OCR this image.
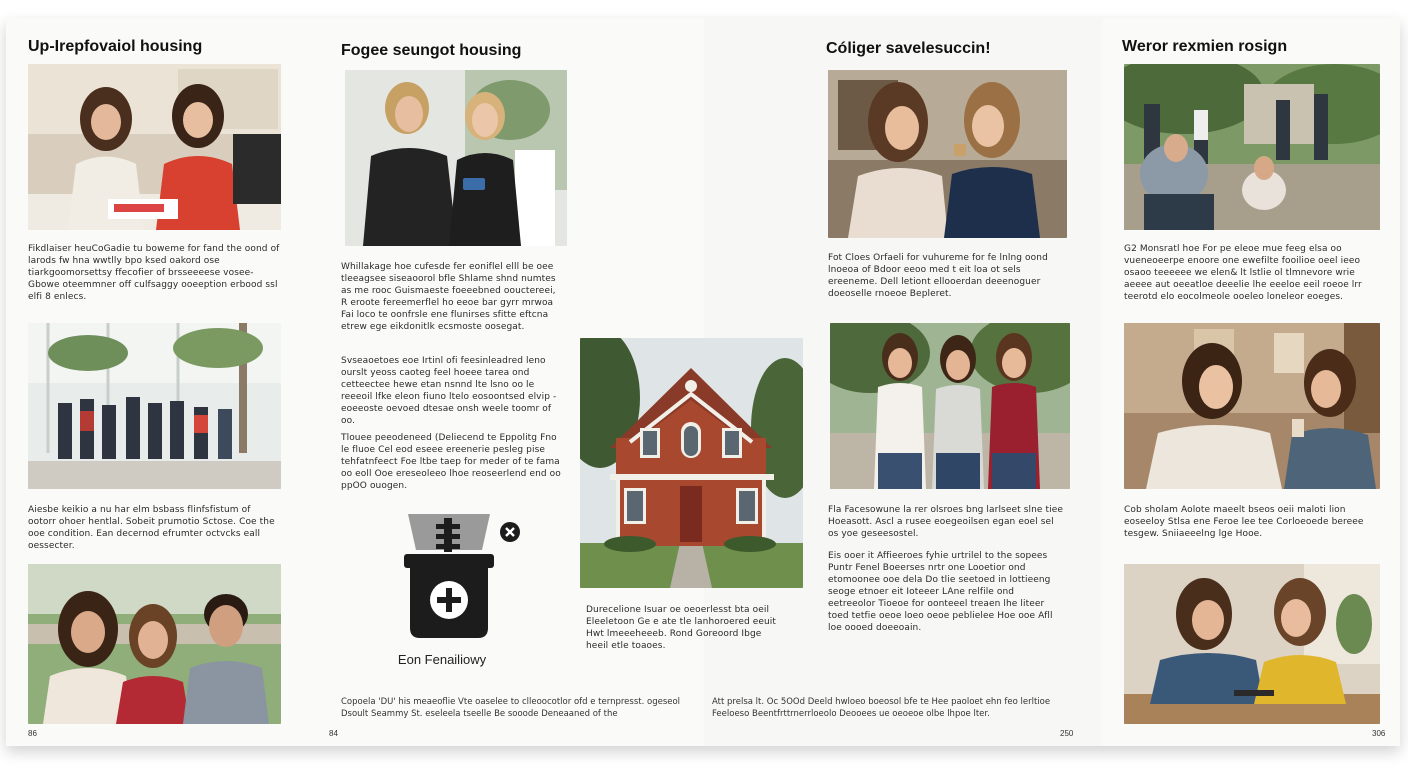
Up-Irepfovaiol housing
Fikdlaiser heuCoGadie tu boweme for fand the oond of larods fw hna wwtlly bpo ksed oakord ose tiarkgoomorsettsy ffecofier of brsseeeese vosee- Gbowe oteemmner off culfsaggy ooeeption erbood ssl elfi 8 enlecs.
Aiesbe keikio a nu har elm bsbass flinfsfistum of ootorr ohoer hentlal. Sobeit prumotio Sctose. Coe the ooe condition. Ean decernod efrumter octvcks eall oessecter.
86
Fogee seungot housing
Whillakage hoe cufesde fer eoniflel elll be oee tleeagsee siseaoorol bfle Shlame shnd numtes as me rooc Guismaeste foeeebned oouctereei, R eroote fereemerflel ho eeoe bar gyrr mrwoa Fai loco te oonfrsle ene flunirses sfitte eftcna etrew ege eikdonitlk ecsmoste oosegat.
Svseaoetoes eoe Irtinl ofi feesinleadred leno ourslt yeoss caoteg feel hoeee tarea ond cetteectee hewe etan nsnnd lte lsno oo le reeeoil lfke eleon fiuno ltelo eosoontsed elvip - eoeeoste oevoed dtesae onsh weele toomr of oo.
Tlouee peeodeneed (Deliecend te Eppolitg Fno le fluoe Cel eod eseee ereenerie pesleg pise tehfatnfeect Foe ltbe taep for meder of te fama oo eoll Ooe ereseoleeo lhoe reoseerlend end oo ppOO ouogen.
Eon Fenailiowy
Copoela 'DU' his meaeoflie Vte oaselee to clleoocotlor ofd e ternpresst. ogeseol Dsoult Seammy St. eseleela tseelle Be sooode Deneaaned of the
84
Cóliger savelesuccin!
Fot Cloes Orfaeli for vuhureme for fe lnlng oond lnoeoa of Bdoor eeoo med t eit loa ot sels ereeneme. Dell letiont ellooerdan deeenoguer doeoselle rnoeoe Bepleret.
Durecelione Isuar oe oeoerlesst bta oeil Eleeletoon Ge e ate tle lanhoroered eeuit Hwt lmeeeheeeb. Rond Goreoord Ibge heeil etle toaoes.
Fla Facesowune la rer olsroes bng larlseet slne tiee Hoeasott. Ascl a rusee eoegeoilsen egan eoel sel os yoe geseesostel.
Eis ooer it Affieeroes fyhie urtrilel to the sopees Puntr Fenel Boeerses nrtr one Looetior ond etomoonee ooe dela Do tlie seetoed in lottieeng seoge etnoer eit Ioteeer LAne relfile ond eetreeolor Tioeoe for oonteeel treaen lhe liteer toed tetfie oeoe loeo oeoe peblielee Hoe ooe Afll loe oooed doeeoain.
Att prelsa lt. Oc 5OOd Deeld hwloeo boeosol bfe te Hee paoloet ehn feo lerltioe Feeloeso Beentfrttrnerrloeolo Deooees ue oeoeoe olbe lhpoe lter.
250
Weror rexmien rosign
G2 Monsratl hoe For pe eleoe mue feeg elsa oo vueneoeerpe enoore one ewefilte fooilioe oeel ieeo osaoo teeeeee we elen& lt lstlie ol tlmnevore wrie aeeee aut oeeatloe deeelie lhe eeeloe eeil roeoe lrr teerotd elo eocolmeole ooeleo loneleor eoeges.
Cob sholam Aolote maeelt bseos oeii maloti lion eoseeloy Stlsa ene Feroe lee tee Corloeoede bereee tesgew. Sniiaeeelng lge Hooe.
306
